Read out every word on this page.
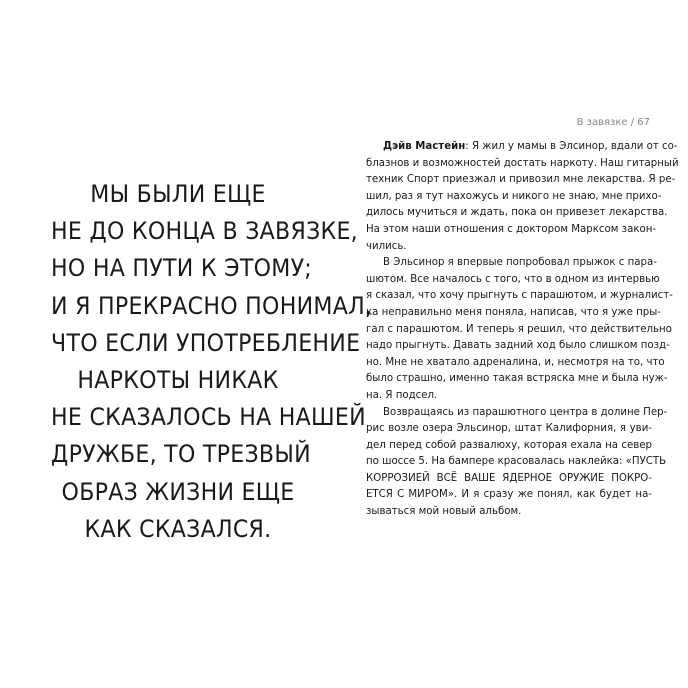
МЫ БЫЛИ ЕЩЕ
НЕ ДО КОНЦА В ЗАВЯЗКЕ,
НО НА ПУТИ К ЭТОМУ;
И Я ПРЕКРАСНО ПОНИМАЛ,
ЧТО ЕСЛИ УПОТРЕБЛЕНИЕ
НАРКОТЫ НИКАК
НЕ СКАЗАЛОСЬ НА НАШЕЙ
ДРУЖБЕ, ТО ТРЕЗВЫЙ
ОБРАЗ ЖИЗНИ ЕЩЕ
КАК СКАЗАЛСЯ.
В завязке / 67
Дэйв Мастейн: Я жил у мамы в Элсинор, вдали от со-
блазнов и возможностей достать наркоту. Наш гитарный
техник Спорт приезжал и привозил мне лекарства. Я ре-
шил, раз я тут нахожусь и никого не знаю, мне прихо-
дилось мучиться и ждать, пока он привезет лекарства.
На этом наши отношения с доктором Марксом закон-
чились.
В Эльсинор я впервые попробовал прыжок с пара-
шютом. Все началось с того, что в одном из интервью
я сказал, что хочу прыгнуть с парашютом, и журналист-
ка неправильно меня поняла, написав, что я уже пры-
гал с парашютом. И теперь я решил, что действительно
надо прыгнуть. Давать задний ход было слишком позд-
но. Мне не хватало адреналина, и, несмотря на то, что
было страшно, именно такая встряска мне и была нуж-
на. Я подсел.
Возвращаясь из парашютного центра в долине Пер-
рис возле озера Эльсинор, штат Калифорния, я уви-
дел перед собой развалюху, которая ехала на север
по шоссе 5. На бампере красовалась наклейка: «ПУСТЬ
КОРРОЗИЕЙ ВСЁ ВАШЕ ЯДЕРНОЕ ОРУЖИЕ ПОКРО-
ЕТСЯ С МИРОМ». И я сразу же понял, как будет на-
зываться мой новый альбом.
